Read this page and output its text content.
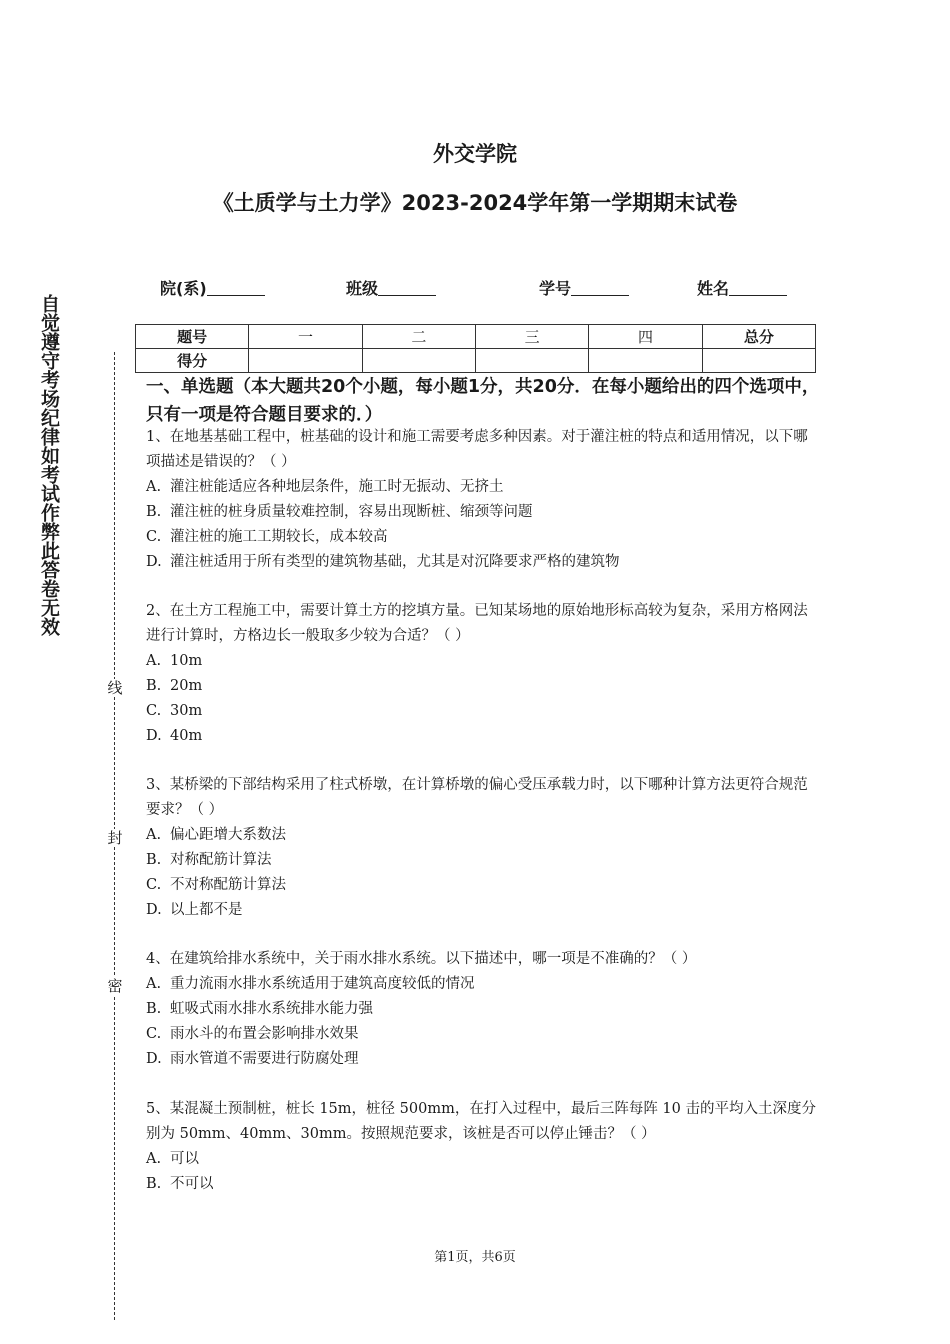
自觉遵守考场纪律如考试作弊此答卷无效
线
封
密
外交学院
《土质学与土力学》2023-2024学年第一学期期末试卷
院(系)	班级	学号	姓名
题号	一	二	三	四	总分
得分					
一、单选题（本大题共20个小题，每小题1分，共20分．在每小题给出的四个选项中，只有一项是符合题目要求的．）

1、在地基基础工程中，桩基础的设计和施工需要考虑多种因素。对于灌注桩的特点和适用情况，以下哪项描述是错误的？（ ）

A. 灌注桩能适应各种地层条件，施工时无振动、无挤土

B. 灌注桩的桩身质量较难控制，容易出现断桩、缩颈等问题

C. 灌注桩的施工工期较长，成本较高

D. 灌注桩适用于所有类型的建筑物基础，尤其是对沉降要求严格的建筑物

2、在土方工程施工中，需要计算土方的挖填方量。已知某场地的原始地形标高较为复杂，采用方格网法进行计算时，方格边长一般取多少较为合适？（ ）

A. 10m

B. 20m

C. 30m

D. 40m

3、某桥梁的下部结构采用了柱式桥墩，在计算桥墩的偏心受压承载力时，以下哪种计算方法更符合规范要求？（ ）

A. 偏心距增大系数法

B. 对称配筋计算法

C. 不对称配筋计算法

D. 以上都不是

4、在建筑给排水系统中，关于雨水排水系统。以下描述中，哪一项是不准确的？（ ）

A. 重力流雨水排水系统适用于建筑高度较低的情况

B. 虹吸式雨水排水系统排水能力强

C. 雨水斗的布置会影响排水效果

D. 雨水管道不需要进行防腐处理

5、某混凝土预制桩，桩长 15m，桩径 500mm，在打入过程中，最后三阵每阵 10 击的平均入土深度分别为 50mm、40mm、30mm。按照规范要求，该桩是否可以停止锤击？（ ）

A. 可以

B. 不可以

第1页，共6页
